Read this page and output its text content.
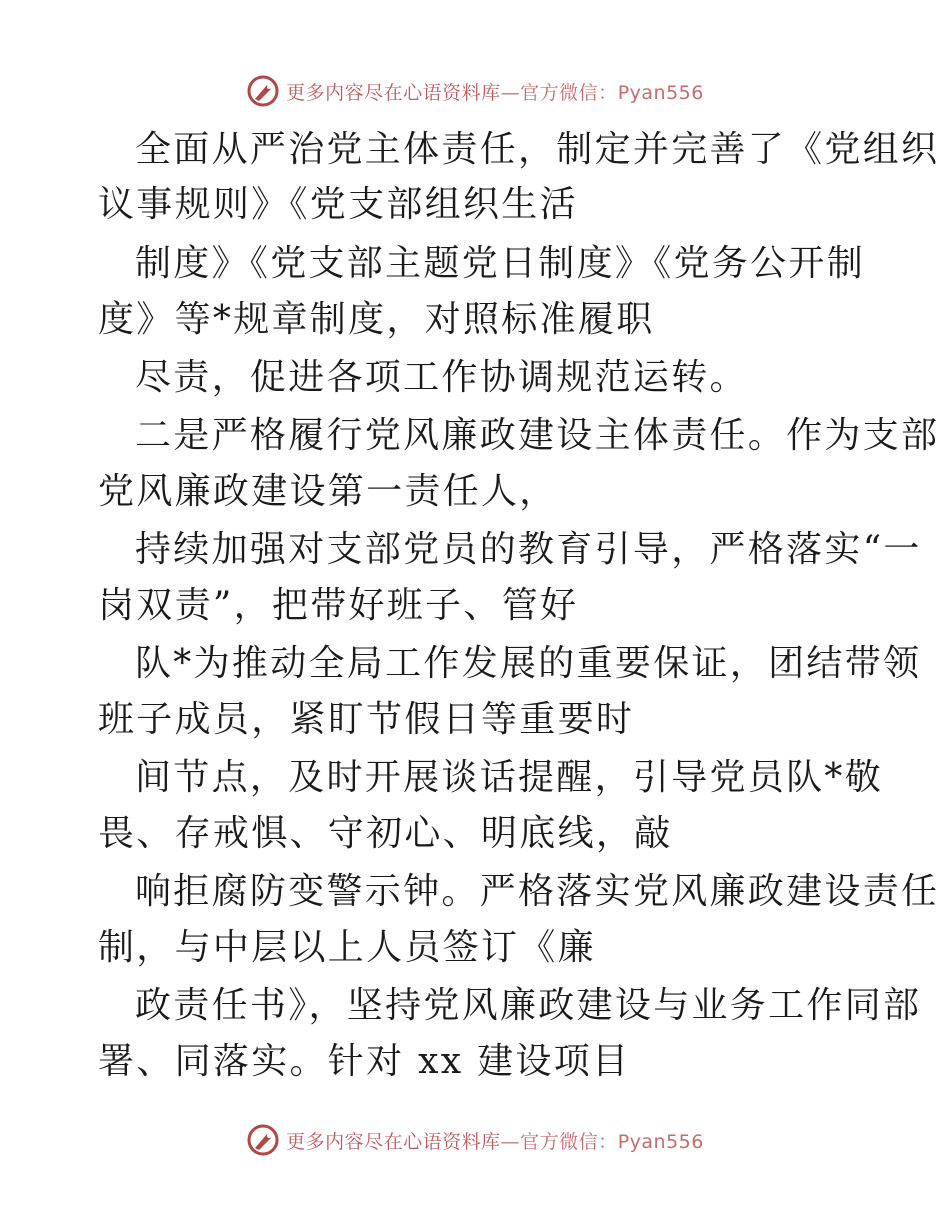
更多内容尽在心语资料库—官方微信：Pyan556
全面从严治党主体责任，制定并完善了《党组织
议事规则》《党支部组织生活
制度》《党支部主题党日制度》《党务公开制
度》等*规章制度，对照标准履职
尽责，促进各项工作协调规范运转。
二是严格履行党风廉政建设主体责任。作为支部
党风廉政建设第一责任人，
持续加强对支部党员的教育引导，严格落实“一
岗双责”，把带好班子、管好
队*为推动全局工作发展的重要保证，团结带领
班子成员，紧盯节假日等重要时
间节点，及时开展谈话提醒，引导党员队*敬
畏、存戒惧、守初心、明底线，敲
响拒腐防变警示钟。严格落实党风廉政建设责任
制，与中层以上人员签订《廉
政责任书》，坚持党风廉政建设与业务工作同部
署、同落实。针对 xx 建设项目
更多内容尽在心语资料库—官方微信：Pyan556
